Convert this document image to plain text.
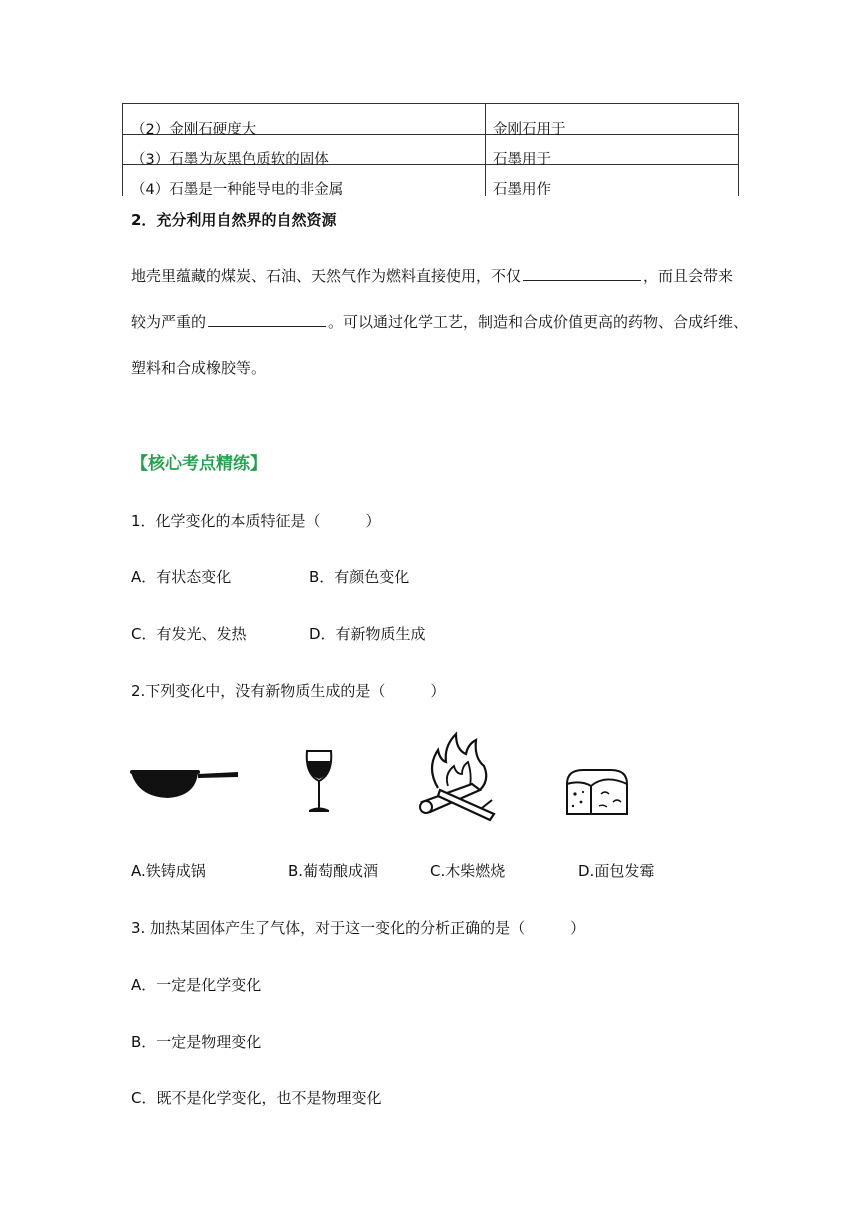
（2）金刚石硬度大	金刚石用于
（3）石墨为灰黑色质软的固体	石墨用于
（4）石墨是一种能导电的非金属	石墨用作
2．充分利用自然界的自然资源
地壳里蕴藏的煤炭、石油、天然气作为燃料直接使用，不仅	，而且会带来
较为严重的	。可以通过化学工艺，制造和合成价值更高的药物、合成纤维、
塑料和合成橡胶等。
【核心考点精练】
1．化学变化的本质特征是（　　　）
A．有状态变化	B．有颜色变化
C．有发光、发热	D．有新物质生成
2.下列变化中，没有新物质生成的是（　　　）
A.铁铸成锅	B.葡萄酿成酒	C.木柴燃烧	D.面包发霉
3. 加热某固体产生了气体，对于这一变化的分析正确的是（　　　）
A．一定是化学变化
B．一定是物理变化
C．既不是化学变化，也不是物理变化
